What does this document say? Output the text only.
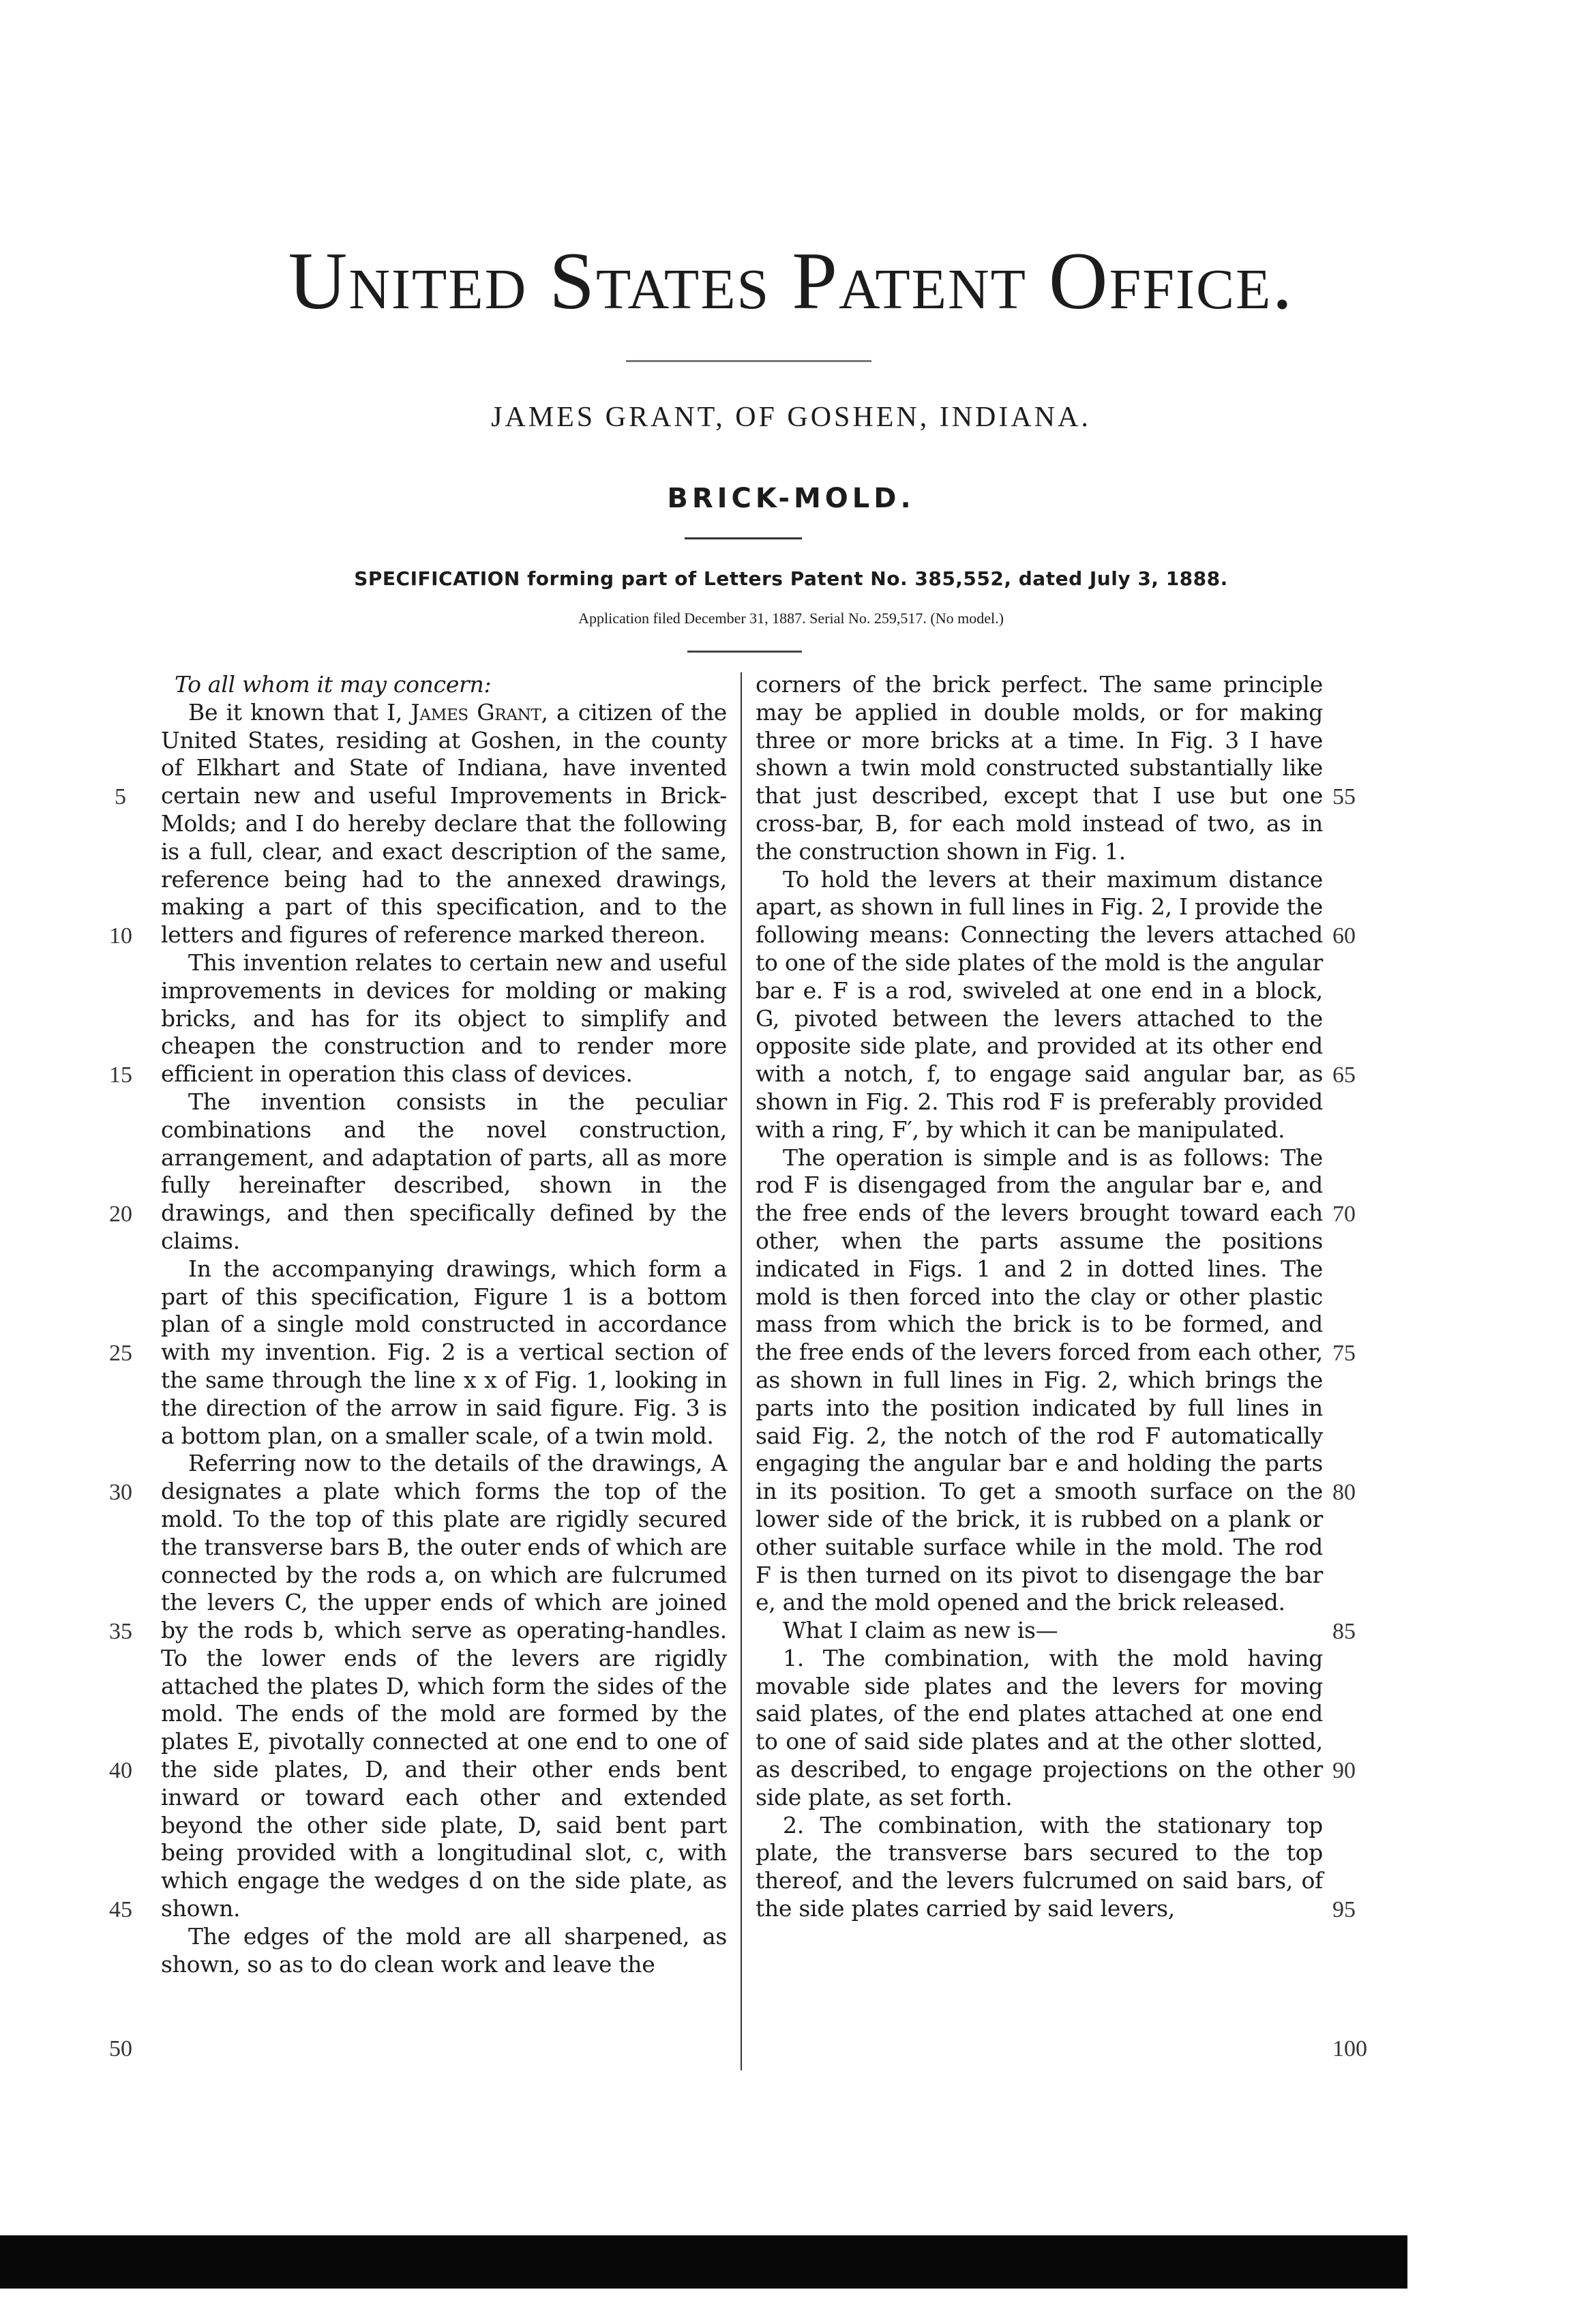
United States Patent Office.
JAMES GRANT, OF GOSHEN, INDIANA.
BRICK-MOLD.
SPECIFICATION forming part of Letters Patent No. 385,552, dated July 3, 1888.
Application filed December 31, 1887. Serial No. 259,517. (No model.)

To all whom it may concern:

Be it known that I, James Grant, a citizen of the United States, residing at Goshen, in the county of Elkhart and State of Indiana, have invented certain new and useful Improvements in Brick-Molds; and I do hereby declare that the following is a full, clear, and exact description of the same, reference being had to the annexed drawings, making a part of this specification, and to the letters and figures of reference marked thereon.

This invention relates to certain new and useful improvements in devices for molding or making bricks, and has for its object to simplify and cheapen the construction and to render more efficient in operation this class of devices.

The invention consists in the peculiar combinations and the novel construction, arrangement, and adaptation of parts, all as more fully hereinafter described, shown in the drawings, and then specifically defined by the claims.

In the accompanying drawings, which form a part of this specification, Figure 1 is a bottom plan of a single mold constructed in accordance with my invention. Fig. 2 is a vertical section of the same through the line x x of Fig. 1, looking in the direction of the arrow in said figure. Fig. 3 is a bottom plan, on a smaller scale, of a twin mold.

Referring now to the details of the drawings, A designates a plate which forms the top of the mold. To the top of this plate are rigidly secured the transverse bars B, the outer ends of which are connected by the rods a, on which are fulcrumed the levers C, the upper ends of which are joined by the rods b, which serve as operating-handles. To the lower ends of the levers are rigidly attached the plates D, which form the sides of the mold. The ends of the mold are formed by the plates E, pivotally connected at one end to one of the side plates, D, and their other ends bent inward or toward each other and extended beyond the other side plate, D, said bent part being provided with a longitudinal slot, c, with which engage the wedges d on the side plate, as shown.

The edges of the mold are all sharpened, as shown, so as to do clean work and leave the

corners of the brick perfect. The same principle may be applied in double molds, or for making three or more bricks at a time. In Fig. 3 I have shown a twin mold constructed substantially like that just described, except that I use but one cross-bar, B, for each mold instead of two, as in the construction shown in Fig. 1.

To hold the levers at their maximum distance apart, as shown in full lines in Fig. 2, I provide the following means: Connecting the levers attached to one of the side plates of the mold is the angular bar e. F is a rod, swiveled at one end in a block, G, pivoted between the levers attached to the opposite side plate, and provided at its other end with a notch, f, to engage said angular bar, as shown in Fig. 2. This rod F is preferably provided with a ring, F′, by which it can be manipulated.

The operation is simple and is as follows: The rod F is disengaged from the angular bar e, and the free ends of the levers brought toward each other, when the parts assume the positions indicated in Figs. 1 and 2 in dotted lines. The mold is then forced into the clay or other plastic mass from which the brick is to be formed, and the free ends of the levers forced from each other, as shown in full lines in Fig. 2, which brings the parts into the position indicated by full lines in said Fig. 2, the notch of the rod F automatically engaging the angular bar e and holding the parts in its position. To get a smooth surface on the lower side of the brick, it is rubbed on a plank or other suitable surface while in the mold. The rod F is then turned on its pivot to disengage the bar e, and the mold opened and the brick released.

What I claim as new is—

1. The combination, with the mold having movable side plates and the levers for moving said plates, of the end plates attached at one end to one of said side plates and at the other slotted, as described, to engage projections on the other side plate, as set forth.

2. The combination, with the stationary top plate, the transverse bars secured to the top thereof, and the levers fulcrumed on said bars, of the side plates carried by said levers,

5
10
15
20
25
30
35
40
45
50
55
60
65
70
75
80
85
90
95
100
